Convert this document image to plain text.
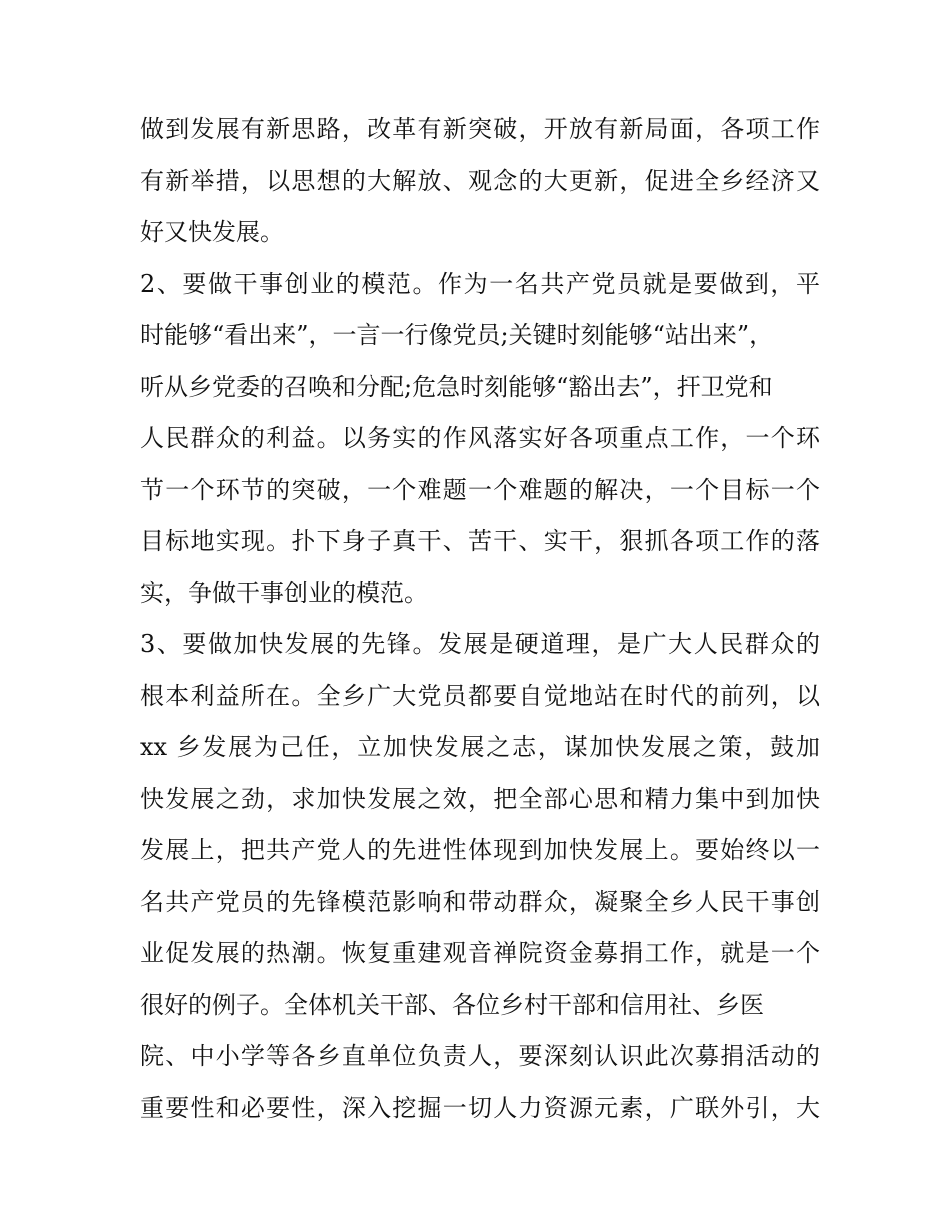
做到发展有新思路，改革有新突破，开放有新局面，各项工作
有新举措，以思想的大解放、观念的大更新，促进全乡经济又
好又快发展。
2、要做干事创业的模范。作为一名共产党员就是要做到，平
时能够“看出来”，一言一行像党员;关键时刻能够“站出来”，
听从乡党委的召唤和分配;危急时刻能够“豁出去”，扞卫党和
人民群众的利益。以务实的作风落实好各项重点工作，一个环
节一个环节的突破，一个难题一个难题的解决，一个目标一个
目标地实现。扑下身子真干、苦干、实干，狠抓各项工作的落
实，争做干事创业的模范。
3、要做加快发展的先锋。发展是硬道理，是广大人民群众的
根本利益所在。全乡广大党员都要自觉地站在时代的前列，以
xx 乡发展为己任，立加快发展之志，谋加快发展之策，鼓加
快发展之劲，求加快发展之效，把全部心思和精力集中到加快
发展上，把共产党人的先进性体现到加快发展上。要始终以一
名共产党员的先锋模范影响和带动群众，凝聚全乡人民干事创
业促发展的热潮。恢复重建观音禅院资金募捐工作，就是一个
很好的例子。全体机关干部、各位乡村干部和信用社、乡医
院、中小学等各乡直单位负责人，要深刻认识此次募捐活动的
重要性和必要性，深入挖掘一切人力资源元素，广联外引，大
